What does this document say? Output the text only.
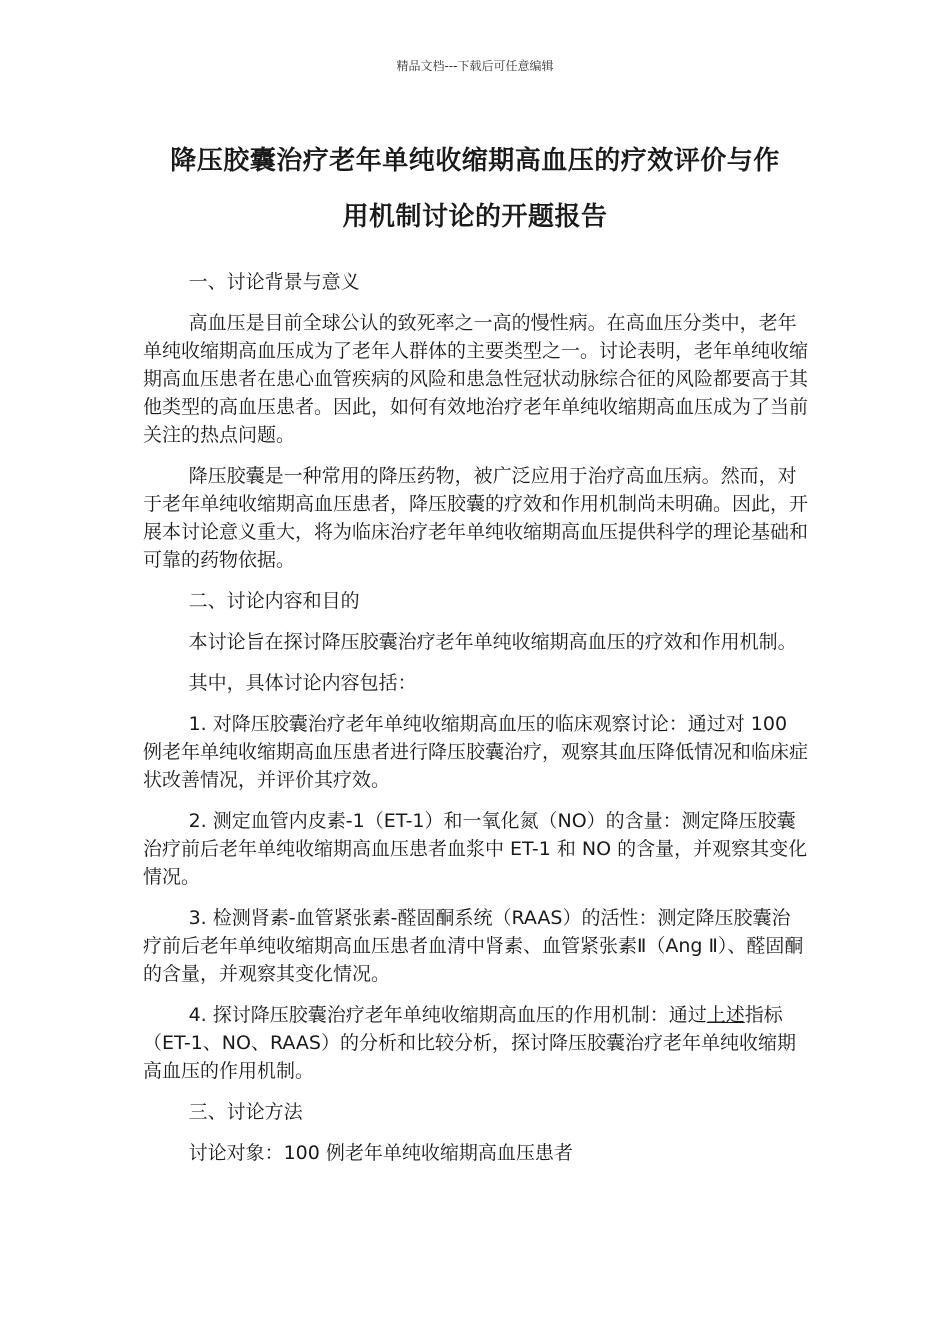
精品文档---下载后可任意编辑
降压胶囊治疗老年单纯收缩期高血压的疗效评价与作
用机制讨论的开题报告

一、讨论背景与意义

高血压是目前全球公认的致死率之一高的慢性病。在高血压分类中，老年单纯收缩期高血压成为了老年人群体的主要类型之一。讨论表明，老年单纯收缩期高血压患者在患心血管疾病的风险和患急性冠状动脉综合征的风险都要高于其他类型的高血压患者。因此，如何有效地治疗老年单纯收缩期高血压成为了当前关注的热点问题。

降压胶囊是一种常用的降压药物，被广泛应用于治疗高血压病。然而，对于老年单纯收缩期高血压患者，降压胶囊的疗效和作用机制尚未明确。因此，开展本讨论意义重大，将为临床治疗老年单纯收缩期高血压提供科学的理论基础和可靠的药物依据。

二、讨论内容和目的

本讨论旨在探讨降压胶囊治疗老年单纯收缩期高血压的疗效和作用机制。

其中，具体讨论内容包括：

1. 对降压胶囊治疗老年单纯收缩期高血压的临床观察讨论：通过对 100 例老年单纯收缩期高血压患者进行降压胶囊治疗，观察其血压降低情况和临床症状改善情况，并评价其疗效。

2. 测定血管内皮素-1（ET-1）和一氧化氮（NO）的含量：测定降压胶囊治疗前后老年单纯收缩期高血压患者血浆中 ET-1 和 NO 的含量，并观察其变化情况。

3. 检测肾素-血管紧张素-醛固酮系统（RAAS）的活性：测定降压胶囊治疗前后老年单纯收缩期高血压患者血清中肾素、血管紧张素Ⅱ（Ang Ⅱ）、醛固酮的含量，并观察其变化情况。

4. 探讨降压胶囊治疗老年单纯收缩期高血压的作用机制：通过上述指标（ET-1、NO、RAAS）的分析和比较分析，探讨降压胶囊治疗老年单纯收缩期高血压的作用机制。

三、讨论方法

讨论对象：100 例老年单纯收缩期高血压患者
